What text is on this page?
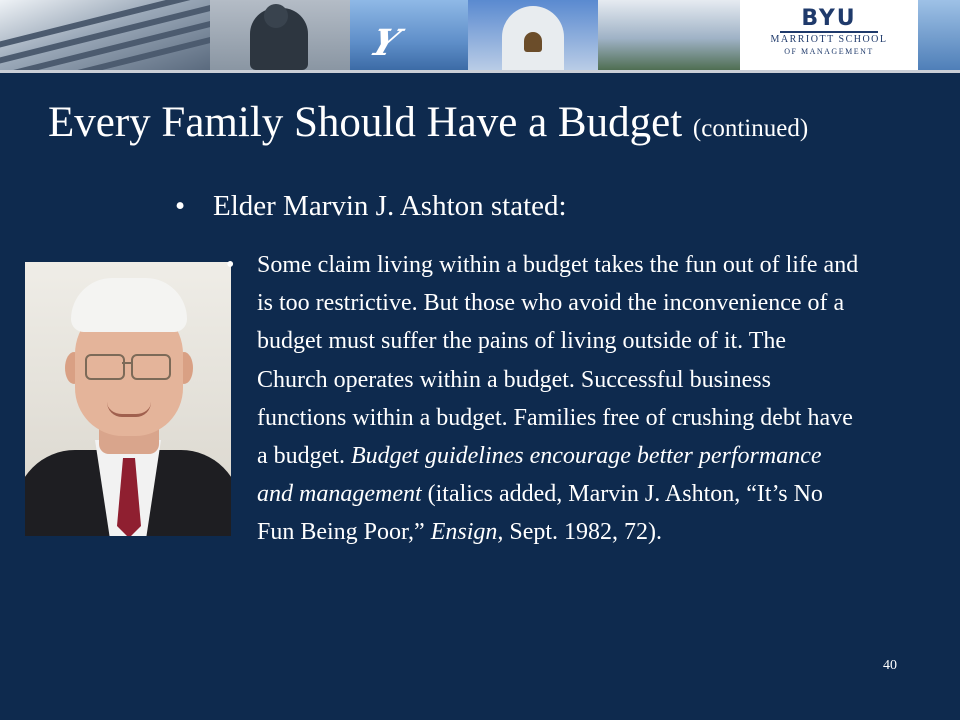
Y
BYU
MARRIOTT SCHOOL
OF MANAGEMENT
Every Family Should Have a Budget (continued)
• Elder Marvin J. Ashton stated:
• Some claim living within a budget takes the fun out of life and is too restrictive. But those who avoid the inconvenience of a budget must suffer the pains of living outside of it. The Church operates within a budget. Successful business functions within a budget. Families free of crushing debt have a budget. Budget guidelines encourage better performance and management (italics added, Marvin J. Ashton, “It’s No Fun Being Poor,” Ensign, Sept. 1982, 72).
40
